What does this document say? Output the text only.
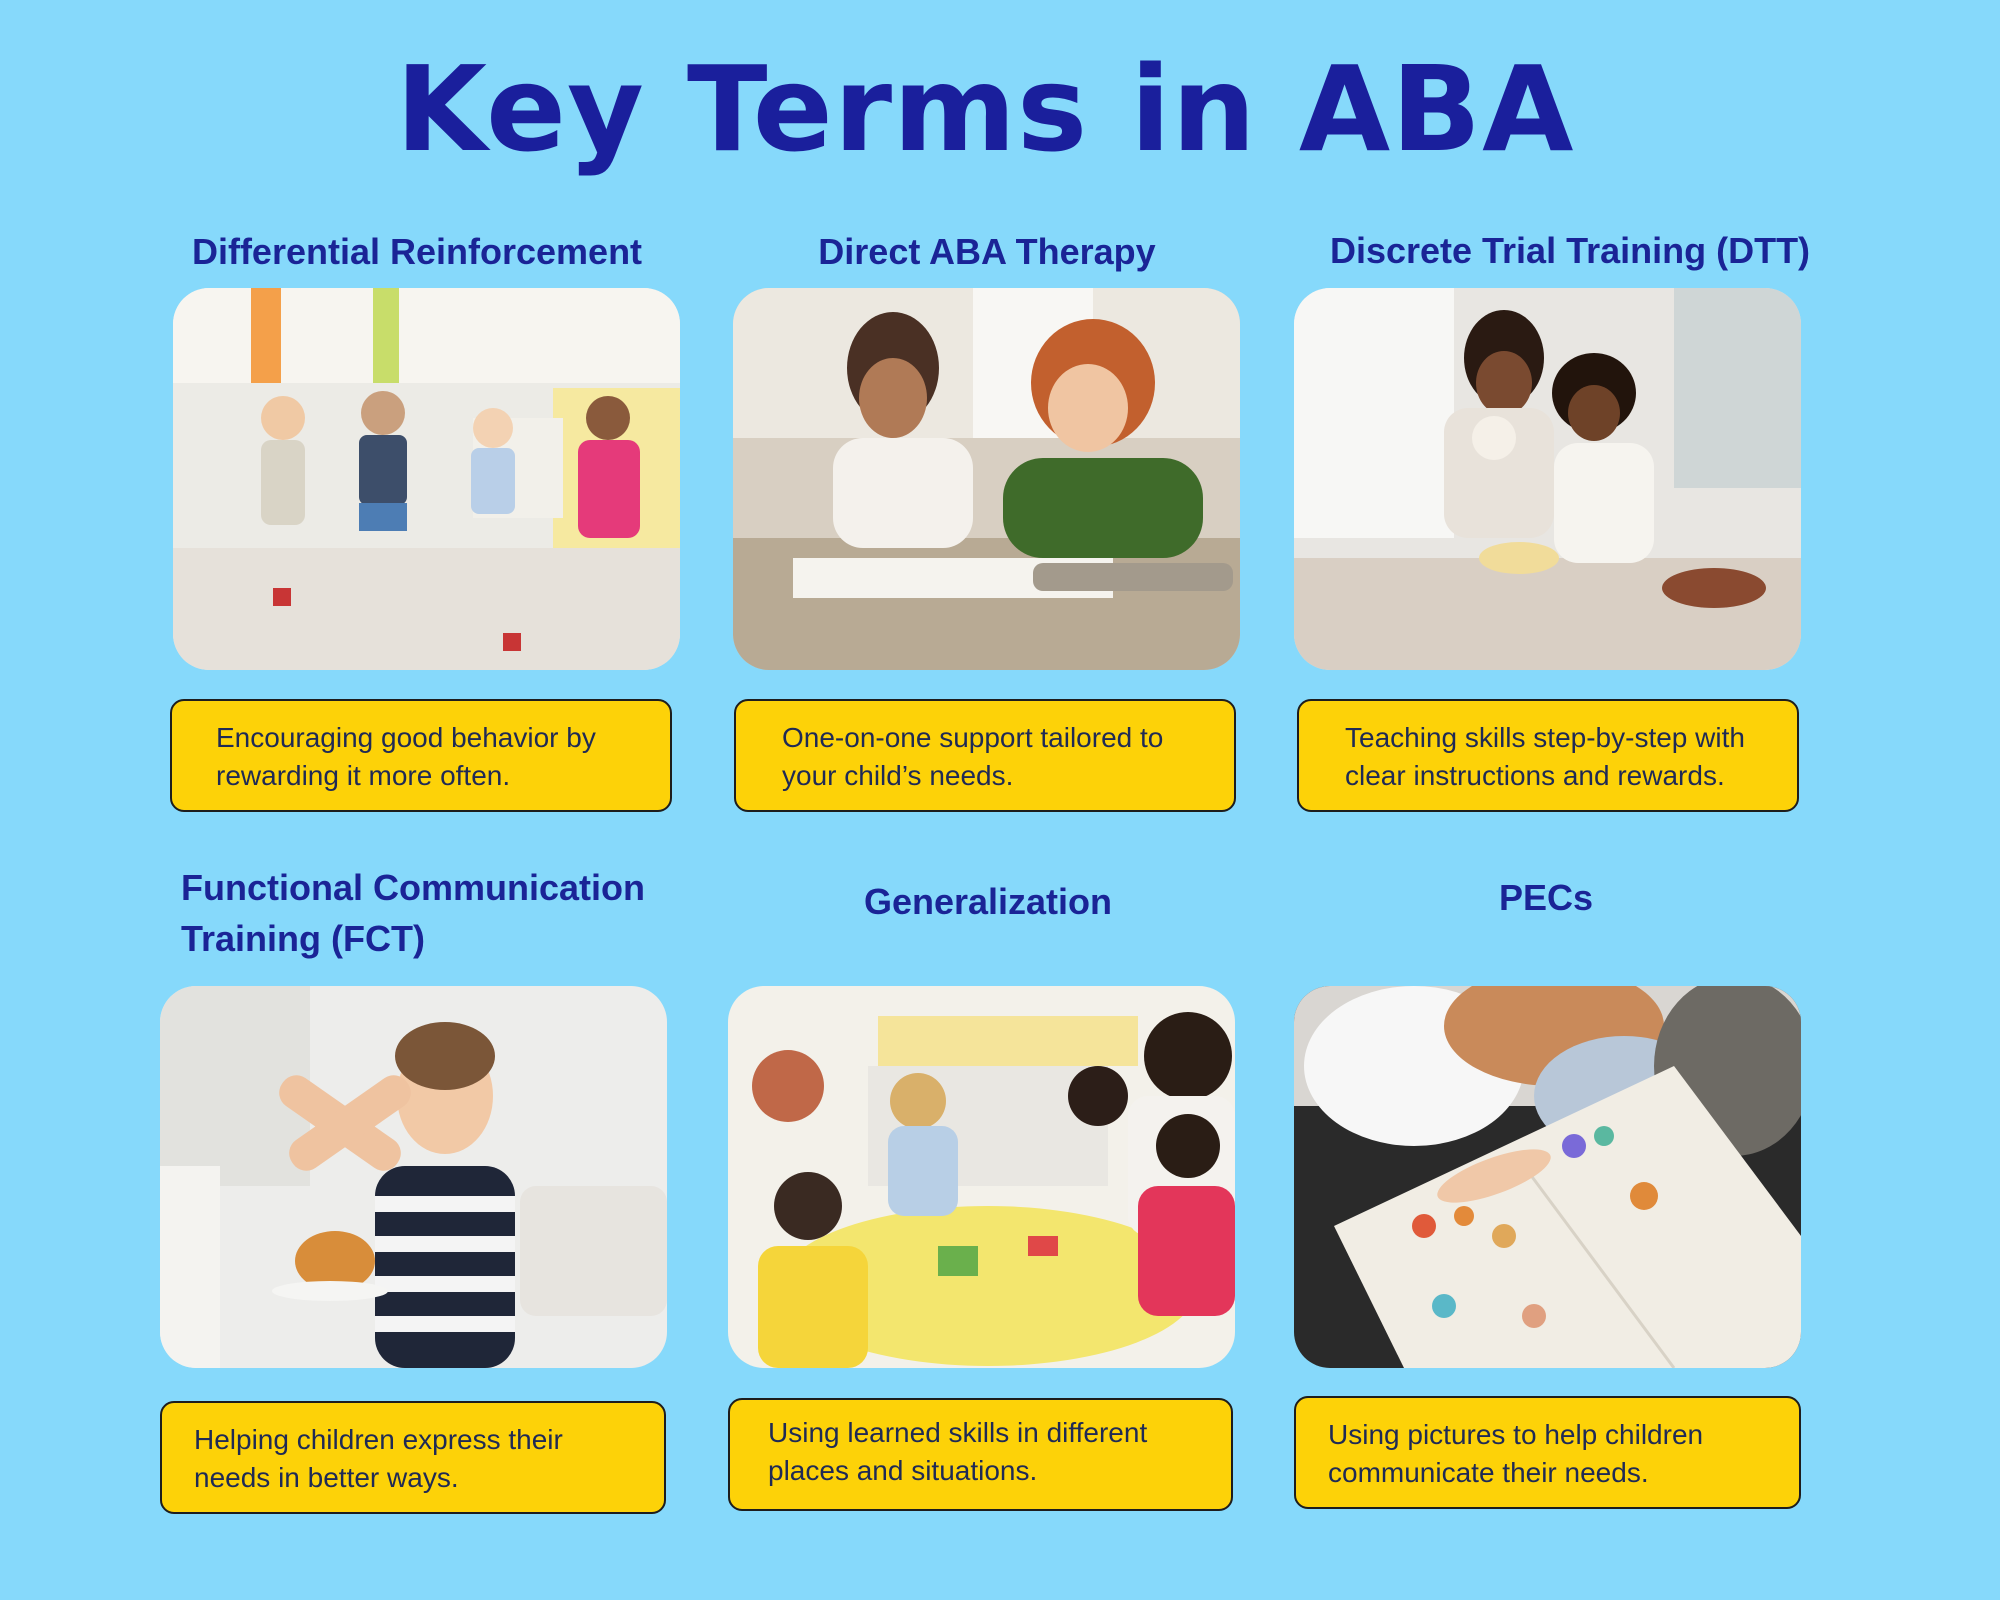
Key Terms in ABA
Differential Reinforcement
Encouraging good behavior by rewarding it more often.
Direct ABA Therapy
One-on-one support tailored to your child’s needs.
Discrete Trial Training (DTT)
Teaching skills step-by-step with clear instructions and rewards.
Functional Communication Training (FCT)
Helping children express their needs in better ways.
Generalization
Using learned skills in different places and situations.
PECs
Using pictures to help children communicate their needs.
